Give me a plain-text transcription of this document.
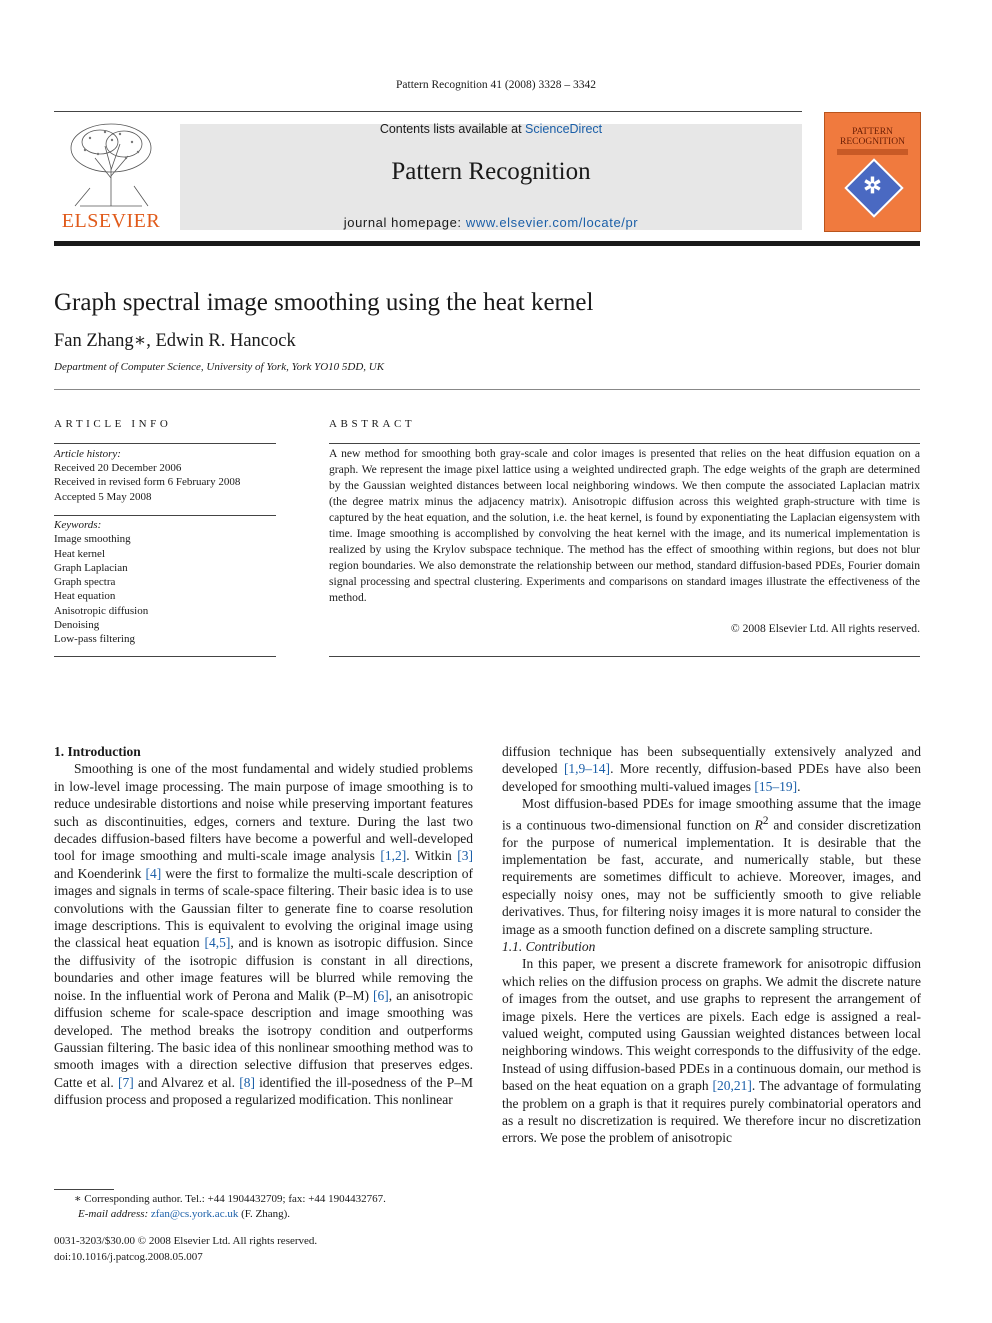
Pattern Recognition 41 (2008) 3328 – 3342
ELSEVIER
Contents lists available at ScienceDirect
Pattern Recognition
journal homepage: www.elsevier.com/locate/pr
PATTERN RECOGNITION
✲
Graph spectral image smoothing using the heat kernel
Fan Zhang∗, Edwin R. Hancock
Department of Computer Science, University of York, York YO10 5DD, UK
ARTICLE INFO	ABSTRACT
Article history:
Received 20 December 2006
Received in revised form 6 February 2008
Accepted 5 May 2008
Keywords:
Image smoothing
Heat kernel
Graph Laplacian
Graph spectra
Heat equation
Anisotropic diffusion
Denoising
Low-pass filtering
A new method for smoothing both gray-scale and color images is presented that relies on the heat diffusion equation on a graph. We represent the image pixel lattice using a weighted undirected graph. The edge weights of the graph are determined by the Gaussian weighted distances between local neighboring windows. We then compute the associated Laplacian matrix (the degree matrix minus the adjacency matrix). Anisotropic diffusion across this weighted graph-structure with time is captured by the heat equation, and the solution, i.e. the heat kernel, is found by exponentiating the Laplacian eigensystem with time. Image smoothing is accomplished by convolving the heat kernel with the image, and its numerical implementation is realized by using the Krylov subspace technique. The method has the effect of smoothing within regions, but does not blur region boundaries. We also demonstrate the relationship between our method, standard diffusion-based PDEs, Fourier domain signal processing and spectral clustering. Experiments and comparisons on standard images illustrate the effectiveness of the method.
© 2008 Elsevier Ltd. All rights reserved.

1. Introduction

Smoothing is one of the most fundamental and widely studied problems in low-level image processing. The main purpose of image smoothing is to reduce undesirable distortions and noise while preserving important features such as discontinuities, edges, corners and texture. During the last two decades diffusion-based filters have become a powerful and well-developed tool for image smoothing and multi-scale image analysis [1,2]. Witkin [3] and Koenderink [4] were the first to formalize the multi-scale description of images and signals in terms of scale-space filtering. Their basic idea is to use convolutions with the Gaussian filter to generate fine to coarse resolution image descriptions. This is equivalent to evolving the original image using the classical heat equation [4,5], and is known as isotropic diffusion. Since the diffusivity of the isotropic diffusion is constant in all directions, boundaries and other image features will be blurred while removing the noise. In the influential work of Perona and Malik (P–M) [6], an anisotropic diffusion scheme for scale-space description and image smoothing was developed. The method breaks the isotropy condition and outperforms Gaussian filtering. The basic idea of this nonlinear smoothing method was to smooth images with a direction selective diffusion that preserves edges. Catte et al. [7] and Alvarez et al. [8] identified the ill-posedness of the P–M diffusion process and proposed a regularized modification. This nonlinear

diffusion technique has been subsequentially extensively analyzed and developed [1,9–14]. More recently, diffusion-based PDEs have also been developed for smoothing multi-valued images [15–19].

Most diffusion-based PDEs for image smoothing assume that the image is a continuous two-dimensional function on $R^2$ and consider discretization for the purpose of numerical implementation. It is desirable that the implementation be fast, accurate, and numerically stable, but these requirements are sometimes difficult to achieve. Moreover, images, and especially noisy ones, may not be sufficiently smooth to give reliable derivatives. Thus, for filtering noisy images it is more natural to consider the image as a smooth function defined on a discrete sampling structure.

1.1. Contribution

In this paper, we present a discrete framework for anisotropic diffusion which relies on the diffusion process on graphs. We admit the discrete nature of images from the outset, and use graphs to represent the arrangement of image pixels. Here the vertices are pixels. Each edge is assigned a real-valued weight, computed using Gaussian weighted distances between local neighboring windows. This weight corresponds to the diffusivity of the edge. Instead of using diffusion-based PDEs in a continuous domain, our method is based on the heat equation on a graph [20,21]. The advantage of formulating the problem on a graph is that it requires purely combinatorial operators and as a result no discretization is required. We therefore incur no discretization errors. We pose the problem of anisotropic

∗ Corresponding author. Tel.: +44 1904432709; fax: +44 1904432767.
E-mail address: zfan@cs.york.ac.uk (F. Zhang).
0031-3203/$30.00 © 2008 Elsevier Ltd. All rights reserved.
doi:10.1016/j.patcog.2008.05.007
